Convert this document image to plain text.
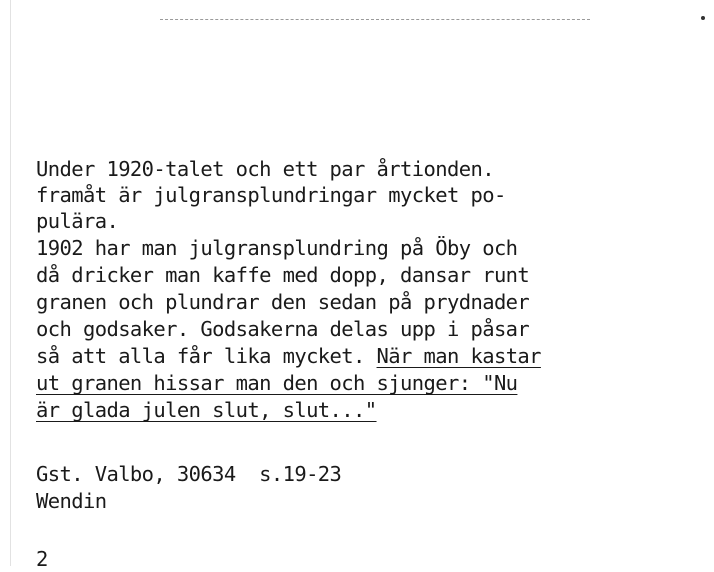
Under 1920-talet och ett par årtionden.
framåt är julgransplundringar mycket po-
pulära.
1902 har man julgransplundring på Öby och
då dricker man kaffe med dopp, dansar runt
granen och plundrar den sedan på prydnader
och godsaker. Godsakerna delas upp i påsar
så att alla får lika mycket. När man kastar
ut granen hissar man den och sjunger: "Nu
är glada julen slut, slut..."
Gst. Valbo, 30634  s.19-23
Wendin
2
